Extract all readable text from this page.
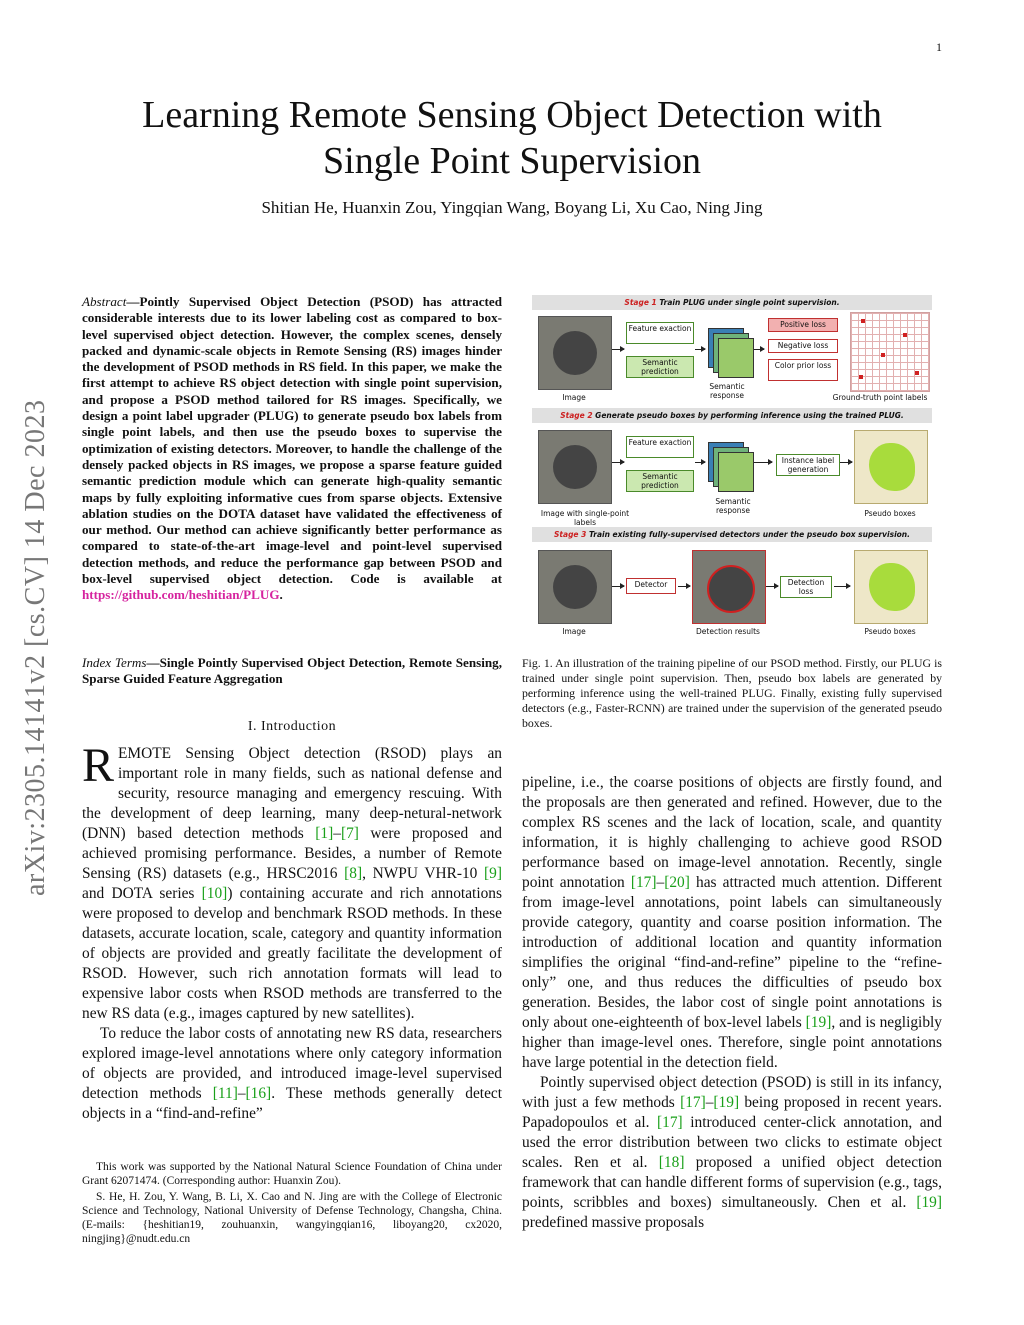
1
arXiv:2305.14141v2 [cs.CV] 14 Dec 2023
Learning Remote Sensing Object Detection with
Single Point Supervision
Shitian He, Huanxin Zou, Yingqian Wang, Boyang Li, Xu Cao, Ning Jing
Abstract—Pointly Supervised Object Detection (PSOD) has attracted considerable interests due to its lower labeling cost as compared to box-level supervised object detection. However, the complex scenes, densely packed and dynamic-scale objects in Remote Sensing (RS) images hinder the development of PSOD methods in RS field. In this paper, we make the first attempt to achieve RS object detection with single point supervision, and propose a PSOD method tailored for RS images. Specifically, we design a point label upgrader (PLUG) to generate pseudo box labels from single point labels, and then use the pseudo boxes to supervise the optimization of existing detectors. Moreover, to handle the challenge of the densely packed objects in RS images, we propose a sparse feature guided semantic prediction module which can generate high-quality semantic maps by fully exploiting informative cues from sparse objects. Extensive ablation studies on the DOTA dataset have validated the effectiveness of our method. Our method can achieve significantly better performance as compared to state-of-the-art image-level and point-level supervised detection methods, and reduce the performance gap between PSOD and box-level supervised object detection. Code is available at https://github.com/heshitian/PLUG.
Index Terms—Single Pointly Supervised Object Detection, Remote Sensing, Sparse Guided Feature Aggregation
I. Introduction

REMOTE Sensing Object detection (RSOD) plays an important role in many fields, such as national defense and security, resource managing and emergency rescuing. With the development of deep learning, many deep-netural-network (DNN) based detection methods [1]–[7] were proposed and achieved promising performance. Besides, a number of Remote Sensing (RS) datasets (e.g., HRSC2016 [8], NWPU VHR-10 [9] and DOTA series [10]) containing accurate and rich annotations were proposed to develop and benchmark RSOD methods. In these datasets, accurate location, scale, category and quantity information of objects are provided and greatly facilitate the development of RSOD. However, such rich annotation formats will lead to expensive labor costs when RSOD methods are transferred to the new RS data (e.g., images captured by new satellites).

To reduce the labor costs of annotating new RS data, researchers explored image-level annotations where only category information of objects are provided, and introduced image-level supervised detection methods [11]–[16]. These methods generally detect objects in a “find-and-refine”

This work was supported by the National Natural Science Foundation of China under Grant 62071474. (Corresponding author: Huanxin Zou).

S. He, H. Zou, Y. Wang, B. Li, X. Cao and N. Jing are with the College of Electronic Science and Technology, National University of Defense Technology, Changsha, China. (E-mails: {heshitian19, zouhuanxin, wangyingqian16, liboyang20, cx2020, ningjing}@nudt.edu.cn

Stage 1 Train PLUG under single point supervision.
Image
Feature exaction
Semantic prediction
Semantic response
Positive loss
Negative loss
Color prior loss
Ground-truth point labels
Stage 2 Generate pseudo boxes by performing inference using the trained PLUG.
Image with single-point labels
Feature exaction
Semantic prediction
Semantic response
Instance label generation
Pseudo boxes
Stage 3 Train existing fully-supervised detectors under the pseudo box supervision.
Image
Detector
Detection results
Detection loss
Pseudo boxes
Fig. 1. An illustration of the training pipeline of our PSOD method. Firstly, our PLUG is trained under single point supervision. Then, pseudo box labels are generated by performing inference using the well-trained PLUG. Finally, existing fully supervised detectors (e.g., Faster-RCNN) are trained under the supervision of the generated pseudo boxes.

pipeline, i.e., the coarse positions of objects are firstly found, and the proposals are then generated and refined. However, due to the complex RS scenes and the lack of location, scale, and quantity information, it is highly challenging to achieve good RSOD performance based on image-level annotation. Recently, single point annotation [17]–[20] has attracted much attention. Different from image-level annotations, point labels can simultaneously provide category, quantity and coarse position information. The introduction of additional location and quantity information simplifies the original “find-and-refine” pipeline to the “refine-only” one, and thus reduces the difficulties of pseudo box generation. Besides, the labor cost of single point annotations is only about one-eighteenth of box-level labels [19], and is negligibly higher than image-level ones. Therefore, single point annotations have large potential in the detection field.

Pointly supervised object detection (PSOD) is still in its infancy, with just a few methods [17]–[19] being proposed in recent years. Papadopoulos et al. [17] introduced center-click annotation, and used the error distribution between two clicks to estimate object scales. Ren et al. [18] proposed a unified object detection framework that can handle different forms of supervision (e.g., tags, points, scribbles and boxes) simultaneously. Chen et al. [19] predefined massive proposals
